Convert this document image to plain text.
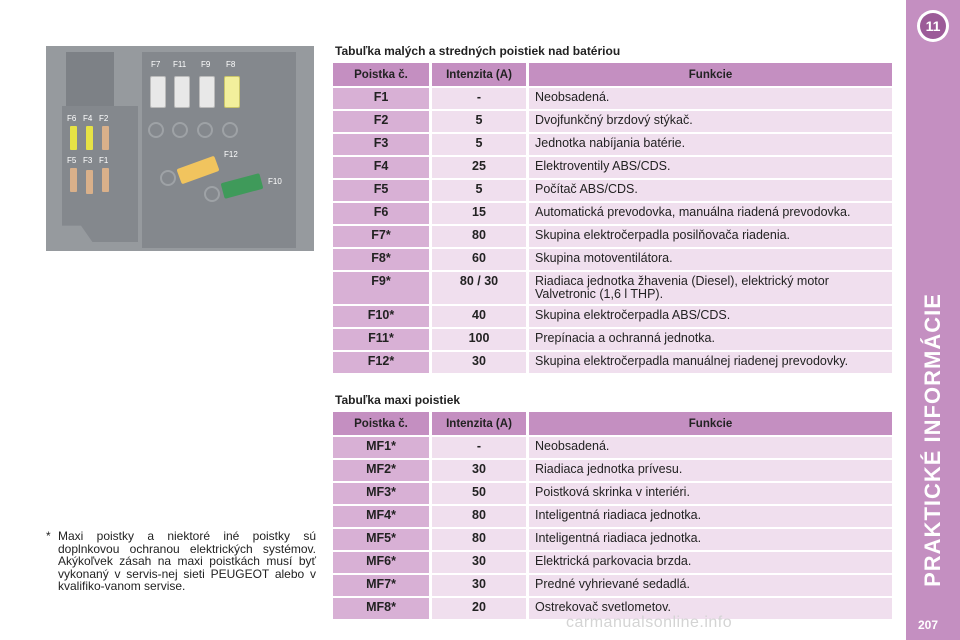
F6 F4 F2
F5 F3 F1
F7 F11 F9 F8
F12
F10
Tabuľka malých a stredných poistiek nad batériou
Poistka č.	Intenzita (A)	Funkcie
F1	-	Neobsadená.
F2	5	Dvojfunkčný brzdový stýkač.
F3	5	Jednotka nabíjania batérie.
F4	25	Elektroventily ABS/CDS.
F5	5	Počítač ABS/CDS.
F6	15	Automatická prevodovka, manuálna riadená prevodovka.
F7*	80	Skupina elektročerpadla posilňovača riadenia.
F8*	60	Skupina motoventilátora.
F9*	80 / 30	Riadiaca jednotka žhavenia (Diesel), elektrický motor Valvetronic (1,6 l THP).
F10*	40	Skupina elektročerpadla ABS/CDS.
F11*	100	Prepínacia a ochranná jednotka.
F12*	30	Skupina elektročerpadla manuálnej riadenej prevodovky.
Tabuľka maxi poistiek
Poistka č.	Intenzita (A)	Funkcie
MF1*	-	Neobsadená.
MF2*	30	Riadiaca jednotka prívesu.
MF3*	50	Poistková skrinka v interiéri.
MF4*	80	Inteligentná riadiaca jednotka.
MF5*	80	Inteligentná riadiaca jednotka.
MF6*	30	Elektrická parkovacia brzda.
MF7*	30	Predné vyhrievané sedadlá.
MF8*	20	Ostrekovač svetlometov.
* Maxi poistky a niektoré iné poistky sú doplnkovou ochranou elektrických systémov. Akýkoľvek zásah na maxi poistkách musí byť vykonaný v servis-nej sieti PEUGEOT alebo v kvalifiko-vanom servise.
11
PRAKTICKÉ INFORMÁCIE
207
carmanualsonline.info
